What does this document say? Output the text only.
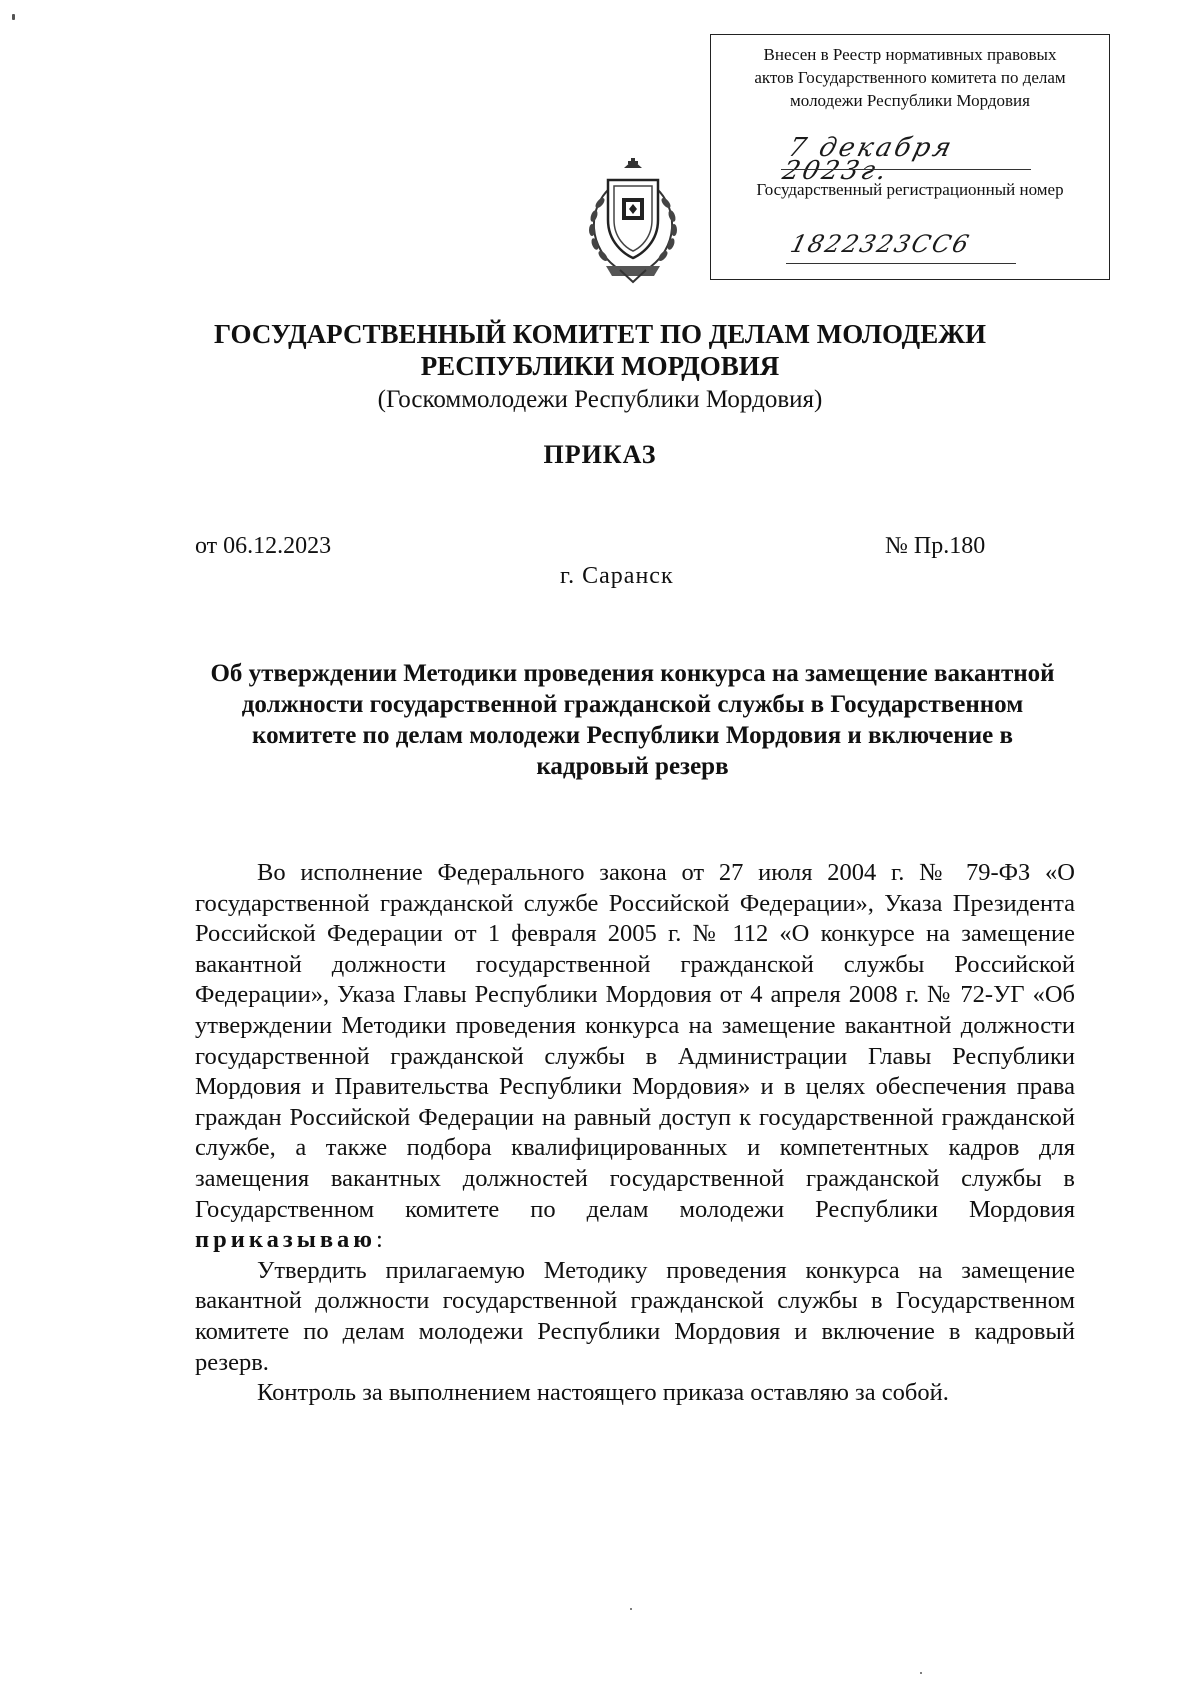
Внесен в Реестр нормативных правовых
актов Государственного комитета по делам
молодежи Республики Мордовия
7 декабря 2023г.
Государственный регистрационный номер
1822323CC6
ГОСУДАРСТВЕННЫЙ КОМИТЕТ ПО ДЕЛАМ МОЛОДЕЖИ
РЕСПУБЛИКИ МОРДОВИЯ
(Госкоммолодежи Республики Мордовия)
ПРИКАЗ
от 06.12.2023	№ Пр.180
г. Саранск
Об утверждении Методики проведения конкурса на замещение вакантной должности государственной гражданской службы в Государственном комитете по делам молодежи Республики Мордовия и включение в кадровый резерв

Во исполнение Федерального закона от 27 июля 2004 г. № 79-ФЗ «О государственной гражданской службе Российской Федерации», Указа Президента Российской Федерации от 1 февраля 2005 г. № 112 «О конкурсе на замещение вакантной должности государственной гражданской службы Российской Федерации», Указа Главы Республики Мордовия от 4 апреля 2008 г. № 72-УГ «Об утверждении Методики проведения конкурса на замещение вакантной должности государственной гражданской службы в Администрации Главы Республики Мордовия и Правительства Республики Мордовия» и в целях обеспечения права граждан Российской Федерации на равный доступ к государственной гражданской службе, а также подбора квалифицированных и компетентных кадров для замещения вакантных должностей государственной гражданской службы в Государственном комитете по делам молодежи Республики Мордовия приказываю:

Утвердить прилагаемую Методику проведения конкурса на замещение вакантной должности государственной гражданской службы в Государственном комитете по делам молодежи Республики Мордовия и включение в кадровый резерв.

Контроль за выполнением настоящего приказа оставляю за собой.
